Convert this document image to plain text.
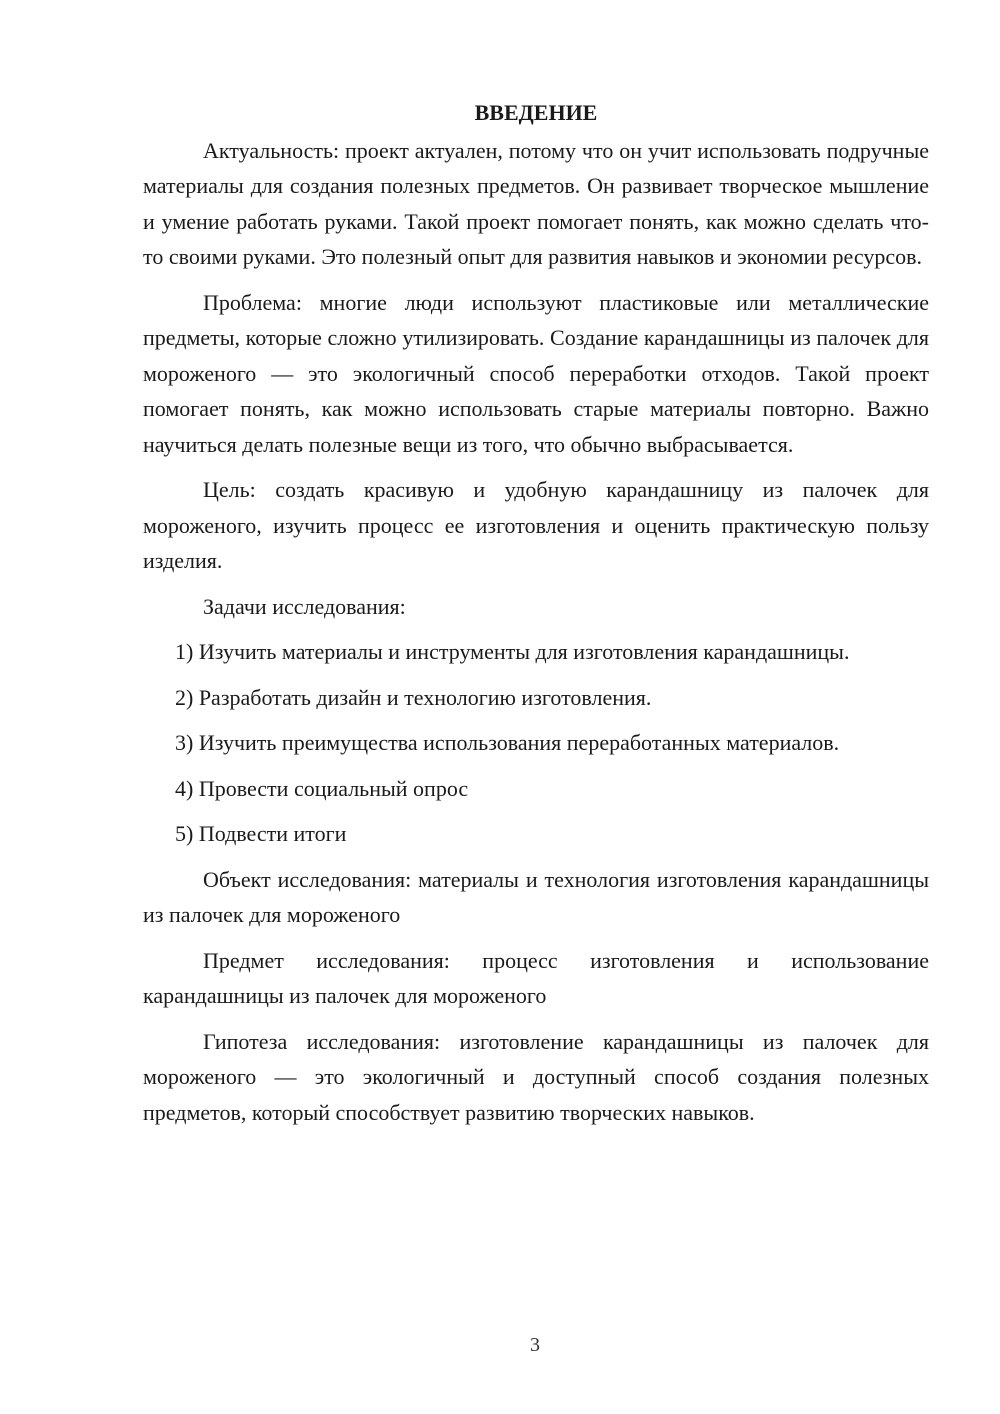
ВВЕДЕНИЕ

Актуальность: проект актуален, потому что он учит использовать подручные материалы для создания полезных предметов. Он развивает творческое мышление и умение работать руками. Такой проект помогает понять, как можно сделать что-то своими руками. Это полезный опыт для развития навыков и экономии ресурсов.

Проблема: многие люди используют пластиковые или металлические предметы, которые сложно утилизировать. Создание карандашницы из палочек для мороженого — это экологичный способ переработки отходов. Такой проект помогает понять, как можно использовать старые материалы повторно. Важно научиться делать полезные вещи из того, что обычно выбрасывается.

Цель: создать красивую и удобную карандашницу из палочек для мороженого, изучить процесс ее изготовления и оценить практическую пользу изделия.

Задачи исследования:

1) Изучить материалы и инструменты для изготовления карандашницы.

2) Разработать дизайн и технологию изготовления.

3) Изучить преимущества использования переработанных материалов.

4) Провести социальный опрос

5) Подвести итоги

Объект исследования: материалы и технология изготовления карандашницы из палочек для мороженого

Предмет исследования: процесс изготовления и использование карандашницы из палочек для мороженого

Гипотеза исследования: изготовление карандашницы из палочек для мороженого — это экологичный и доступный способ создания полезных предметов, который способствует развитию творческих навыков.

3
